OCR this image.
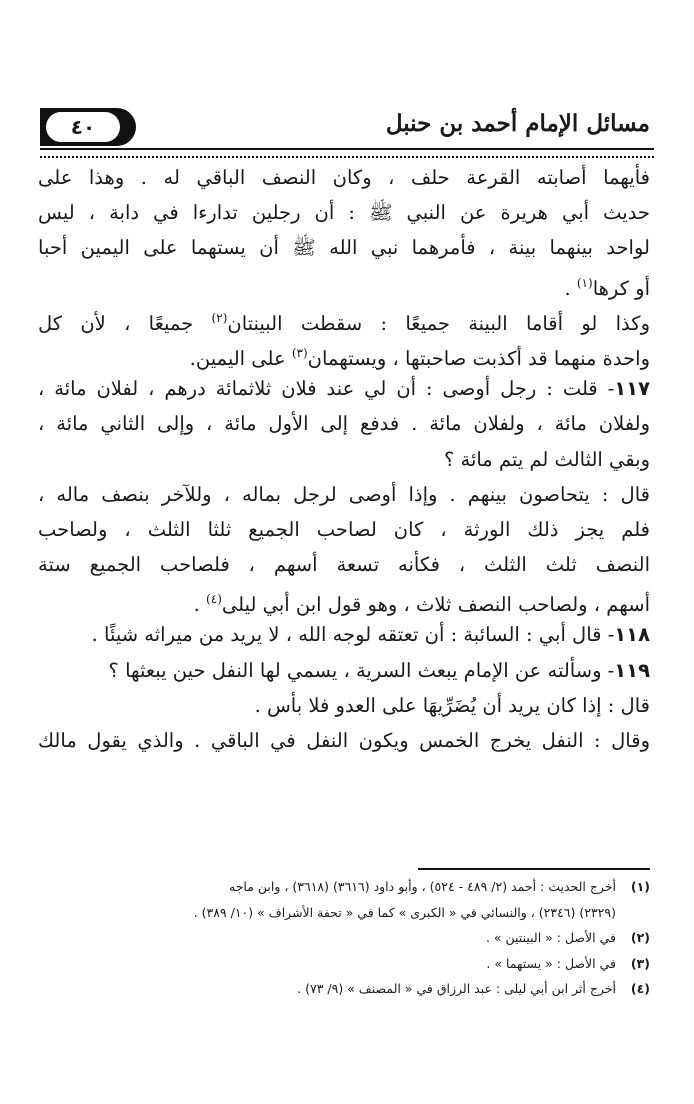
٤٠	مسائل الإمام أحمد بن حنبل
فأيهما أصابته القرعة حلف ، وكان النصف الباقي له . وهذا على
حديث أبي هريرة عن النبي ﷺ : أن رجلين تدارءا في دابة ، ليس
لواحد بينهما بينة ، فأمرهما نبي الله ﷺ أن يستهما على اليمين أحبا
أو كرها$^{(١)}$ .
وكذا لو أقاما البينة جميعًا : سقطت البينتان$^{(٢)}$ جميعًا ، لأن كل
واحدة منهما قد أكذبت صاحبتها ، ويستهمان$^{(٣)}$ على اليمين.
١١٧- قلت : رجل أوصى : أن لي عند فلان ثلاثمائة درهم ، لفلان مائة ،
ولفلان مائة ، ولفلان مائة . فدفع إلى الأول مائة ، وإلى الثاني مائة ،
وبقي الثالث لم يتم مائة ؟
قال : يتحاصون بينهم . وإذا أوصى لرجل بماله ، وللآخر بنصف ماله ،
فلم يجز ذلك الورثة ، كان لصاحب الجميع ثلثا الثلث ، ولصاحب
النصف ثلث الثلث ، فكأنه تسعة أسهم ، فلصاحب الجميع ستة
أسهم ، ولصاحب النصف ثلاث ، وهو قول ابن أبي ليلى$^{(٤)}$ .
١١٨- قال أبي : السائبة : أن تعتقه لوجه الله ، لا يريد من ميراثه شيئًا .
١١٩- وسألته عن الإمام يبعث السرية ، يسمي لها النفل حين يبعثها ؟
قال : إذا كان يريد أن يُضَرِّيهَا على العدو فلا بأس .
وقال : النفل يخرج الخمس ويكون النفل في الباقي . والذي يقول مالك
(١) أخرج الحديث : أحمد (٢/ ٤٨٩ - ٥٢٤) ، وأبو داود (٣٦١٦) (٣٦١٨) ، وابن ماجه
(٢٣٢٩) (٢٣٤٦) ، والنسائي في « الكبرى » كما في « تحفة الأشراف » (١٠/ ٣٨٩) .
(٢) في الأصل : « البينتين » .
(٣) في الأصل : « يستهما » .
(٤) أخرج أثر ابن أبي ليلى : عبد الرزاق في « المصنف » (٩/ ٧٣) .
